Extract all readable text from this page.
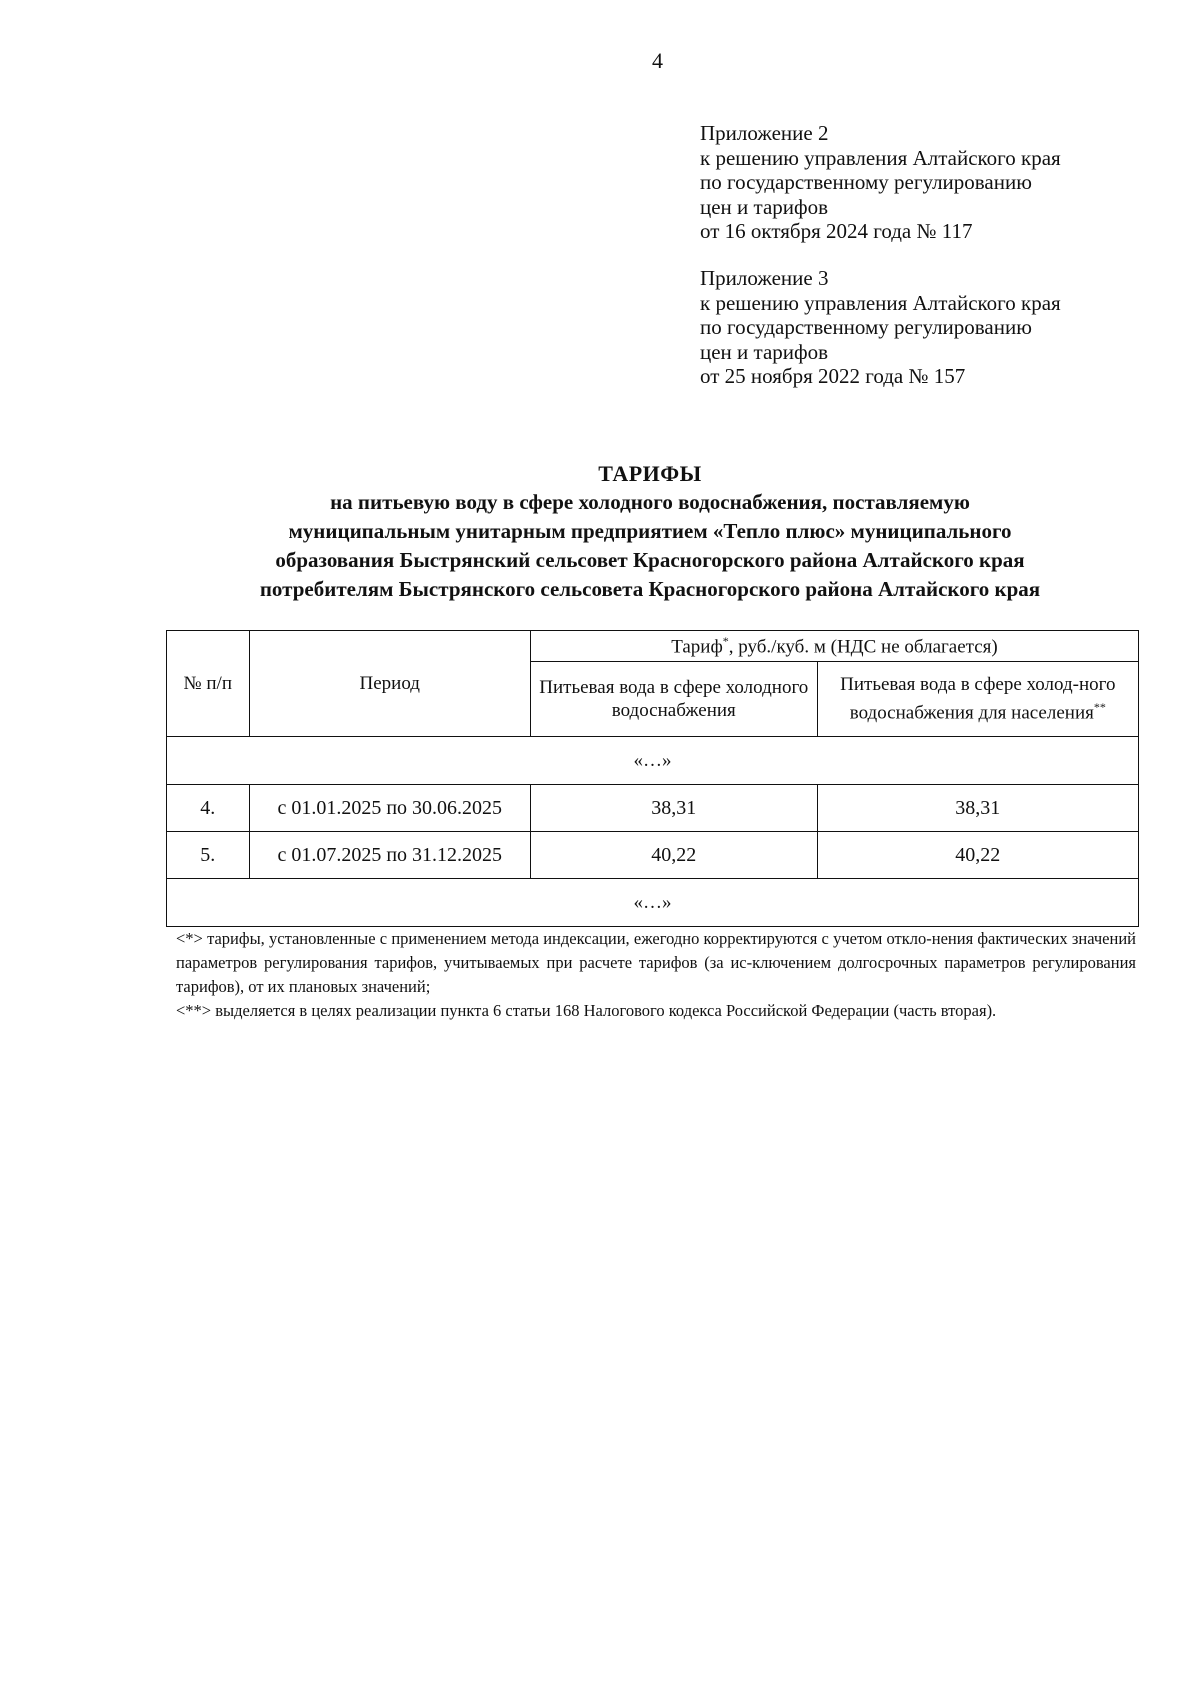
4
Приложение 2
к решению управления Алтайского края
по государственному регулированию
цен и тарифов
от 16 октября 2024 года № 117
Приложение 3
к решению управления Алтайского края
по государственному регулированию
цен и тарифов
от 25 ноября 2022 года № 157
ТАРИФЫ
на питьевую воду в сфере холодного водоснабжения, поставляемую
муниципальным унитарным предприятием «Тепло плюс» муниципального
образования Быстрянский сельсовет Красногорского района Алтайского края
потребителям Быстрянского сельсовета Красногорского района Алтайского края
№ п/п	Период	Тариф*, руб./куб. м (НДС не облагается)	
		Питьевая вода в сфере холодного водоснабжения	Питьевая вода в сфере холод-ного водоснабжения для населения**
«…»			
4.	с 01.01.2025 по 30.06.2025	38,31	38,31
5.	с 01.07.2025 по 31.12.2025	40,22	40,22
«…»			

<*> тарифы, установленные с применением метода индексации, ежегодно корректируются с учетом откло-нения фактических значений параметров регулирования тарифов, учитываемых при расчете тарифов (за ис-ключением долгосрочных параметров регулирования тарифов), от их плановых значений;

<**> выделяется в целях реализации пункта 6 статьи 168 Налогового кодекса Российской Федерации (часть вторая).
